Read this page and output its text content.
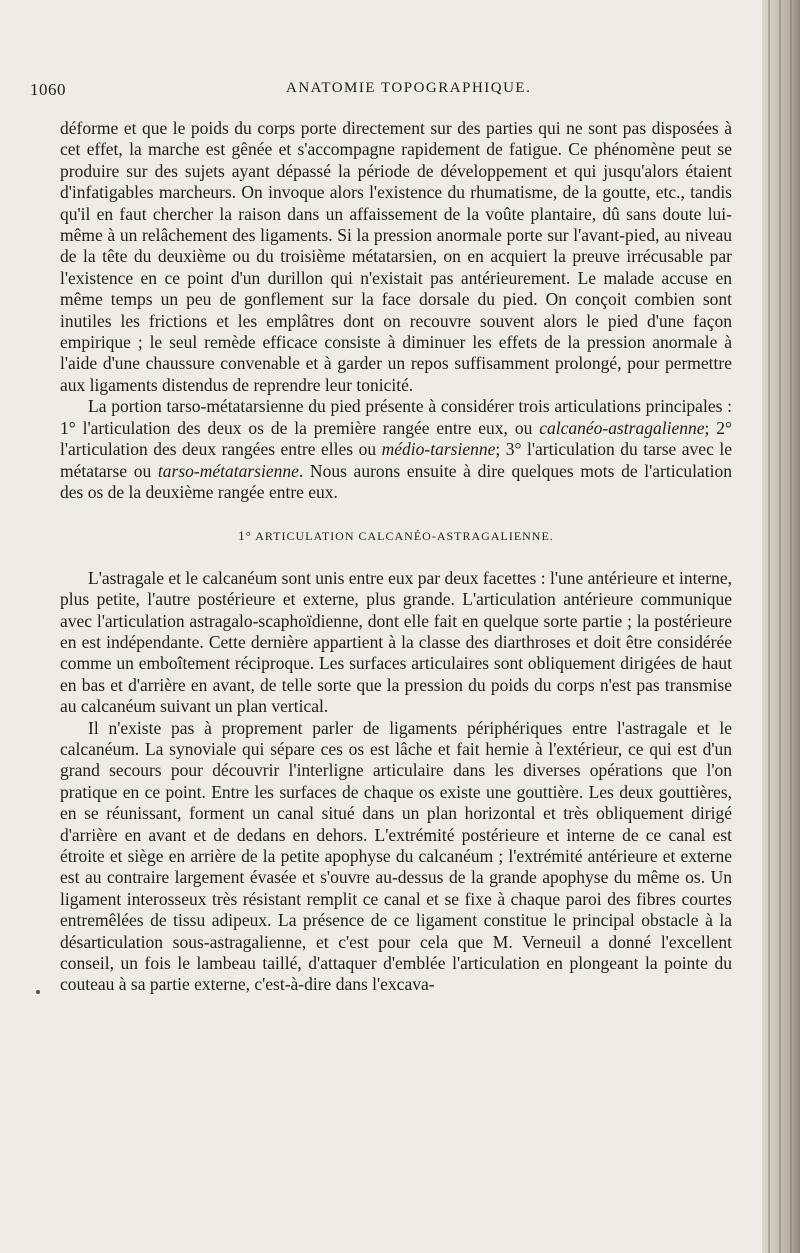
1060	ANATOMIE TOPOGRAPHIQUE.

déforme et que le poids du corps porte directement sur des parties qui ne sont pas disposées à cet effet, la marche est gênée et s'accompagne rapidement de fatigue. Ce phénomène peut se produire sur des sujets ayant dépassé la période de développement et qui jusqu'alors étaient d'infatigables marcheurs. On invoque alors l'existence du rhumatisme, de la goutte, etc., tandis qu'il en faut chercher la raison dans un affaissement de la voûte plantaire, dû sans doute lui-même à un relâchement des ligaments. Si la pression anormale porte sur l'avant-pied, au niveau de la tête du deuxième ou du troisième métatarsien, on en acquiert la preuve irrécusable par l'existence en ce point d'un durillon qui n'existait pas antérieurement. Le malade accuse en même temps un peu de gonflement sur la face dorsale du pied. On conçoit combien sont inutiles les frictions et les emplâtres dont on recouvre souvent alors le pied d'une façon empirique ; le seul remède efficace consiste à diminuer les effets de la pression anormale à l'aide d'une chaussure convenable et à garder un repos suffisamment prolongé, pour permettre aux ligaments distendus de reprendre leur tonicité.

La portion tarso-métatarsienne du pied présente à considérer trois articulations principales : 1° l'articulation des deux os de la première rangée entre eux, ou calcanéo-astragalienne; 2° l'articulation des deux rangées entre elles ou médio-tarsienne; 3° l'articulation du tarse avec le métatarse ou tarso-métatarsienne. Nous aurons ensuite à dire quelques mots de l'articulation des os de la deuxième rangée entre eux.

1° ARTICULATION CALCANÉO-ASTRAGALIENNE.

L'astragale et le calcanéum sont unis entre eux par deux facettes : l'une antérieure et interne, plus petite, l'autre postérieure et externe, plus grande. L'articulation antérieure communique avec l'articulation astragalo-scaphoïdienne, dont elle fait en quelque sorte partie ; la postérieure en est indépendante. Cette dernière appartient à la classe des diarthroses et doit être considérée comme un emboîtement réciproque. Les surfaces articulaires sont obliquement dirigées de haut en bas et d'arrière en avant, de telle sorte que la pression du poids du corps n'est pas transmise au calcanéum suivant un plan vertical.

Il n'existe pas à proprement parler de ligaments périphériques entre l'astragale et le calcanéum. La synoviale qui sépare ces os est lâche et fait hernie à l'extérieur, ce qui est d'un grand secours pour découvrir l'interligne articulaire dans les diverses opérations que l'on pratique en ce point. Entre les surfaces de chaque os existe une gouttière. Les deux gouttières, en se réunissant, forment un canal situé dans un plan horizontal et très obliquement dirigé d'arrière en avant et de dedans en dehors. L'extrémité postérieure et interne de ce canal est étroite et siège en arrière de la petite apophyse du calcanéum ; l'extrémité antérieure et externe est au contraire largement évasée et s'ouvre au-dessus de la grande apophyse du même os. Un ligament interosseux très résistant remplit ce canal et se fixe à chaque paroi des fibres courtes entremêlées de tissu adipeux. La présence de ce ligament constitue le principal obstacle à la désarticulation sous-astragalienne, et c'est pour cela que M. Verneuil a donné l'excellent conseil, un fois le lambeau taillé, d'attaquer d'emblée l'articulation en plongeant la pointe du couteau à sa partie externe, c'est-à-dire dans l'excava-
